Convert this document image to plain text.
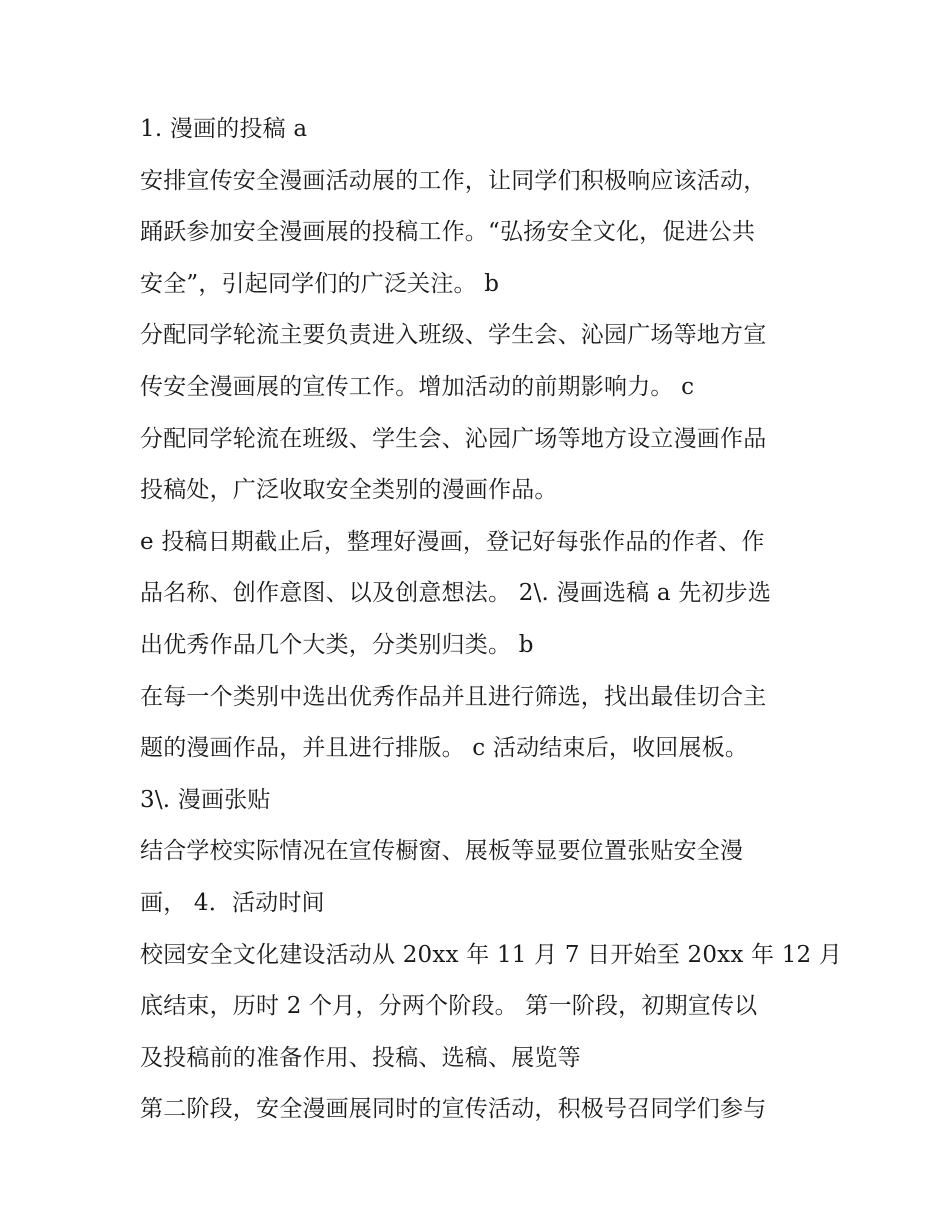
1. 漫画的投稿 a
安排宣传安全漫画活动展的工作，让同学们积极响应该活动，
踊跃参加安全漫画展的投稿工作。“弘扬安全文化，促进公共
安全”，引起同学们的广泛关注。 b
分配同学轮流主要负责进入班级、学生会、沁园广场等地方宣
传安全漫画展的宣传工作。增加活动的前期影响力。 c
分配同学轮流在班级、学生会、沁园广场等地方设立漫画作品
投稿处，广泛收取安全类别的漫画作品。
e 投稿日期截止后，整理好漫画，登记好每张作品的作者、作
品名称、创作意图、以及创意想法。 2\. 漫画选稿 a 先初步选
出优秀作品几个大类，分类别归类。 b
在每一个类别中选出优秀作品并且进行筛选，找出最佳切合主
题的漫画作品，并且进行排版。 c 活动结束后，收回展板。
3\. 漫画张贴
结合学校实际情况在宣传橱窗、展板等显要位置张贴安全漫
画， 4．活动时间
校园安全文化建设活动从 20xx 年 11 月 7 日开始至 20xx 年 12 月
底结束，历时 2 个月，分两个阶段。 第一阶段，初期宣传以
及投稿前的准备作用、投稿、选稿、展览等
第二阶段，安全漫画展同时的宣传活动，积极号召同学们参与
